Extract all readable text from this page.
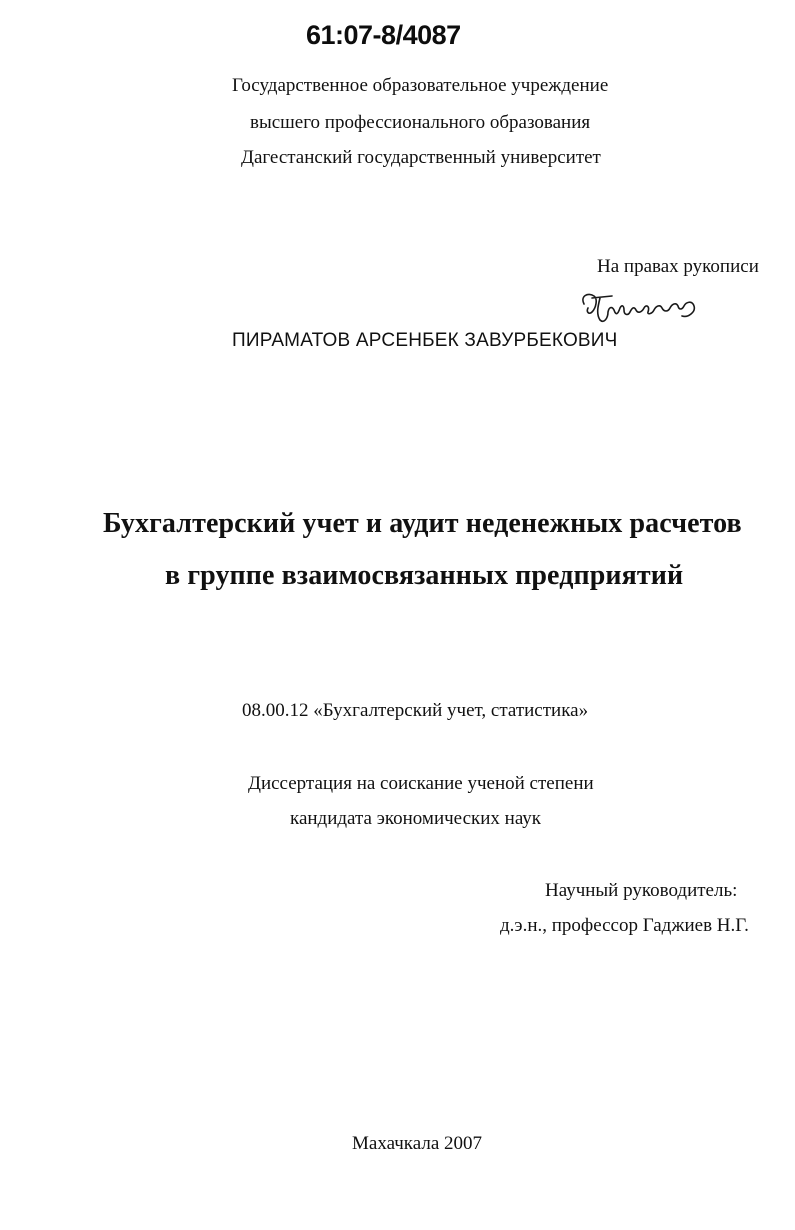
61:07-8/4087
Государственное образовательное учреждение
высшего профессионального образования
Дагестанский государственный университет
На правах рукописи
ПИРАМАТОВ АРСЕНБЕК ЗАВУРБЕКОВИЧ
Бухгалтерский учет и аудит неденежных расчетов
в группе взаимосвязанных предприятий
08.00.12 «Бухгалтерский учет, статистика»
Диссертация на соискание ученой степени
кандидата экономических наук
Научный руководитель:
д.э.н., профессор Гаджиев Н.Г.
Махачкала 2007
